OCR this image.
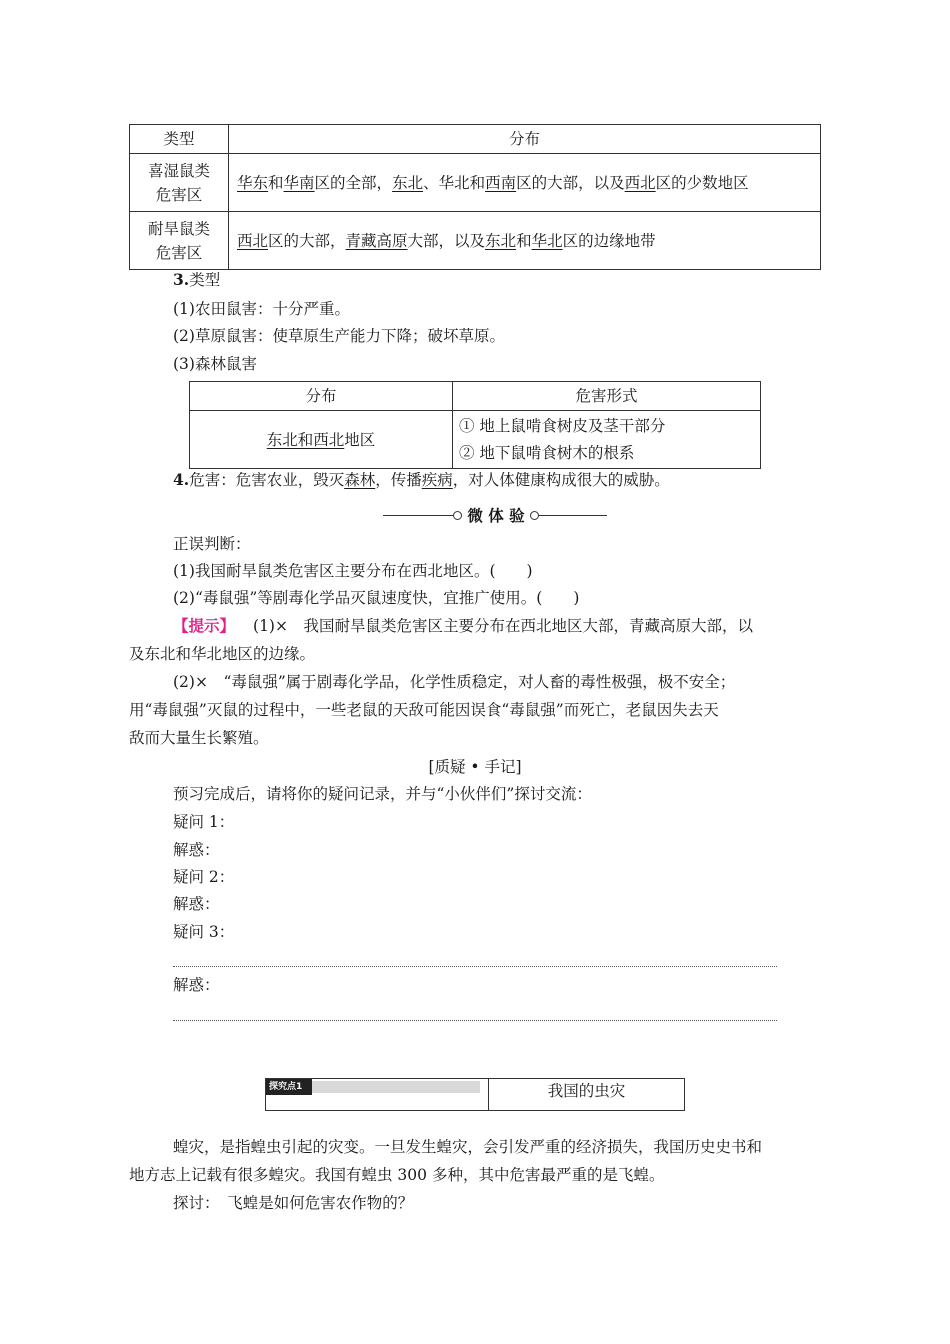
类型	分布

喜湿鼠类
危害区	华东和华南区的全部，东北、华北和西南区的大部，以及西北区的少数地区

耐旱鼠类
危害区	西北区的大部，青藏高原大部，以及东北和华北区的边缘地带
3.类型
(1)农田鼠害：十分严重。
(2)草原鼠害：使草原生产能力下降；破坏草原。
(3)森林鼠害
分布	危害形式
东北和西北地区	① 地上鼠啃食树皮及茎干部分
② 地下鼠啃食树木的根系
4.危害：危害农业，毁灭森林，传播疾病，对人体健康构成很大的威胁。
微 体 验
正误判断：
(1)我国耐旱鼠类危害区主要分布在西北地区。(　　)
(2)“毒鼠强”等剧毒化学品灭鼠速度快，宜推广使用。(　　)
【提示】 (1)×　我国耐旱鼠类危害区主要分布在西北地区大部，青藏高原大部，以
及东北和华北地区的边缘。
(2)×　“毒鼠强”属于剧毒化学品，化学性质稳定，对人畜的毒性极强，极不安全；
用“毒鼠强”灭鼠的过程中，一些老鼠的天敌可能因误食“毒鼠强”而死亡，老鼠因失去天
敌而大量生长繁殖。
[质疑 • 手记]
预习完成后，请将你的疑问记录，并与“小伙伴们”探讨交流：
疑问 1：
解惑：
疑问 2：
解惑：
疑问 3：
解惑：
探究点1	我国的虫灾
蝗灾，是指蝗虫引起的灾变。一旦发生蝗灾，会引发严重的经济损失，我国历史史书和
地方志上记载有很多蝗灾。我国有蝗虫 300 多种，其中危害最严重的是飞蝗。
探讨：　飞蝗是如何危害农作物的？
